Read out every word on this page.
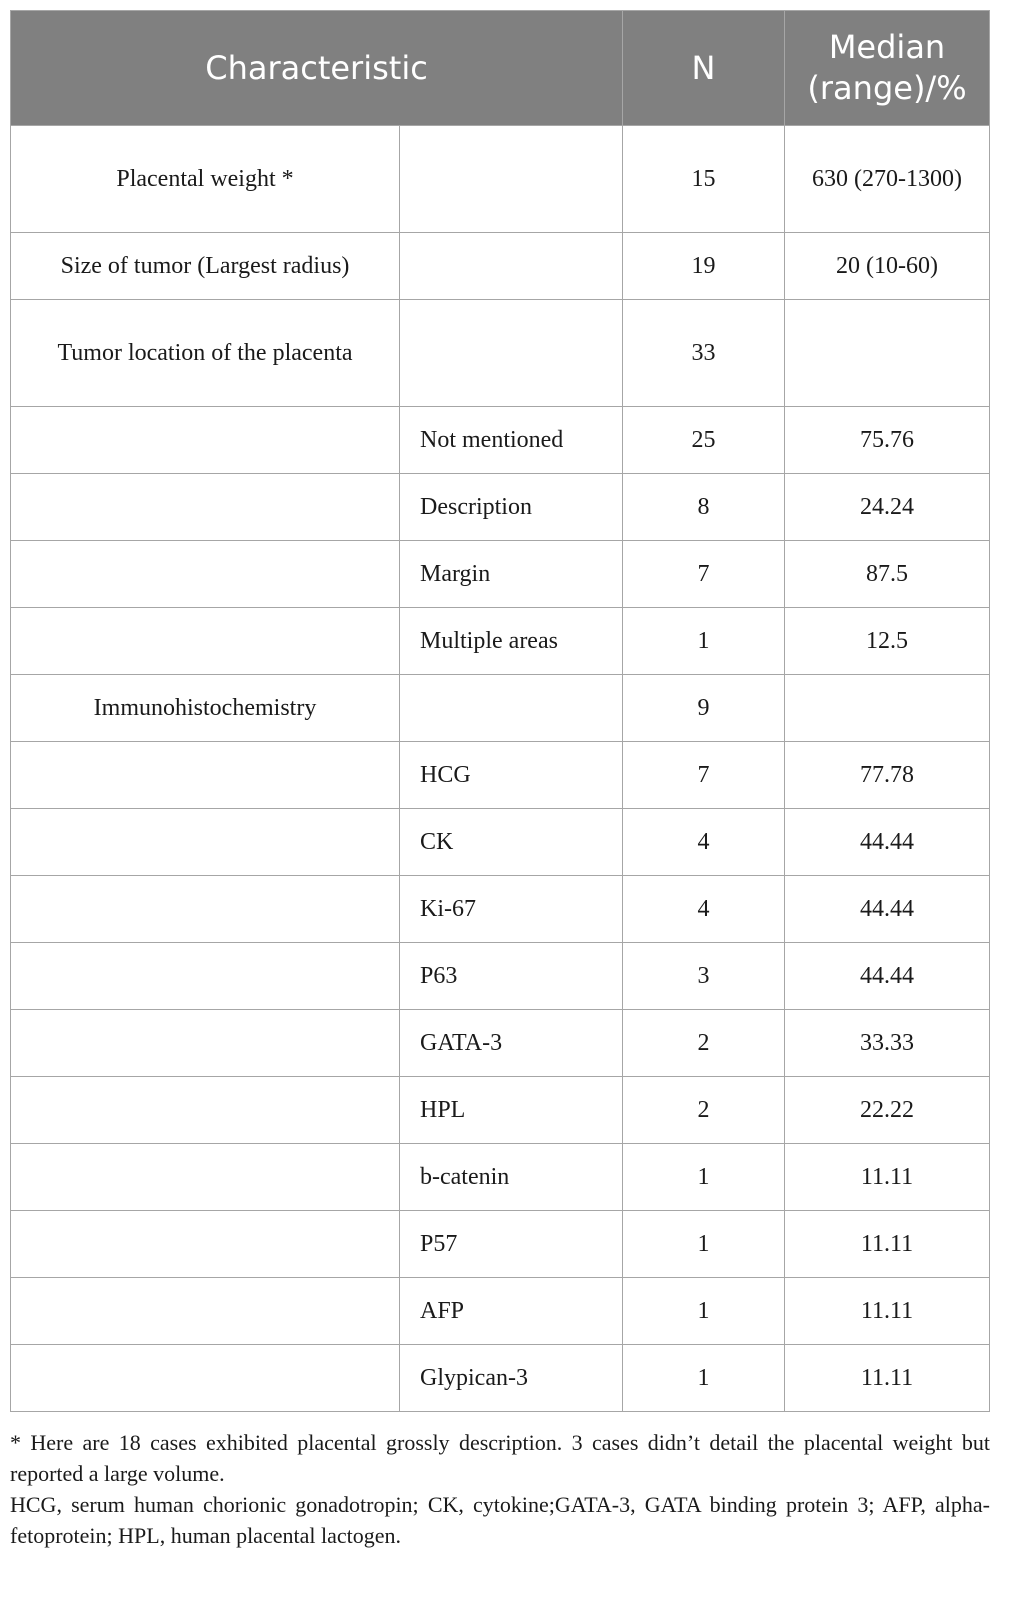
Characteristic		N	Median (range)/%
Placental weight *		15	630 (270-1300)
Size of tumor (Largest radius)		19	20 (10-60)
Tumor location of the placenta		33	
	Not mentioned	25	75.76
	Description	8	24.24
	Margin	7	87.5
	Multiple areas	1	12.5
Immunohistochemistry		9	
	HCG	7	77.78
	CK	4	44.44
	Ki-67	4	44.44
	P63	3	44.44
	GATA-3	2	33.33
	HPL	2	22.22
	b-catenin	1	11.11
	P57	1	11.11
	AFP	1	11.11
	Glypican-3	1	11.11

* Here are 18 cases exhibited placental grossly description. 3 cases didn’t detail the placental weight but reported a large volume.

HCG, serum human chorionic gonadotropin; CK, cytokine;GATA-3, GATA binding protein 3; AFP, alpha-fetoprotein; HPL, human placental lactogen.
